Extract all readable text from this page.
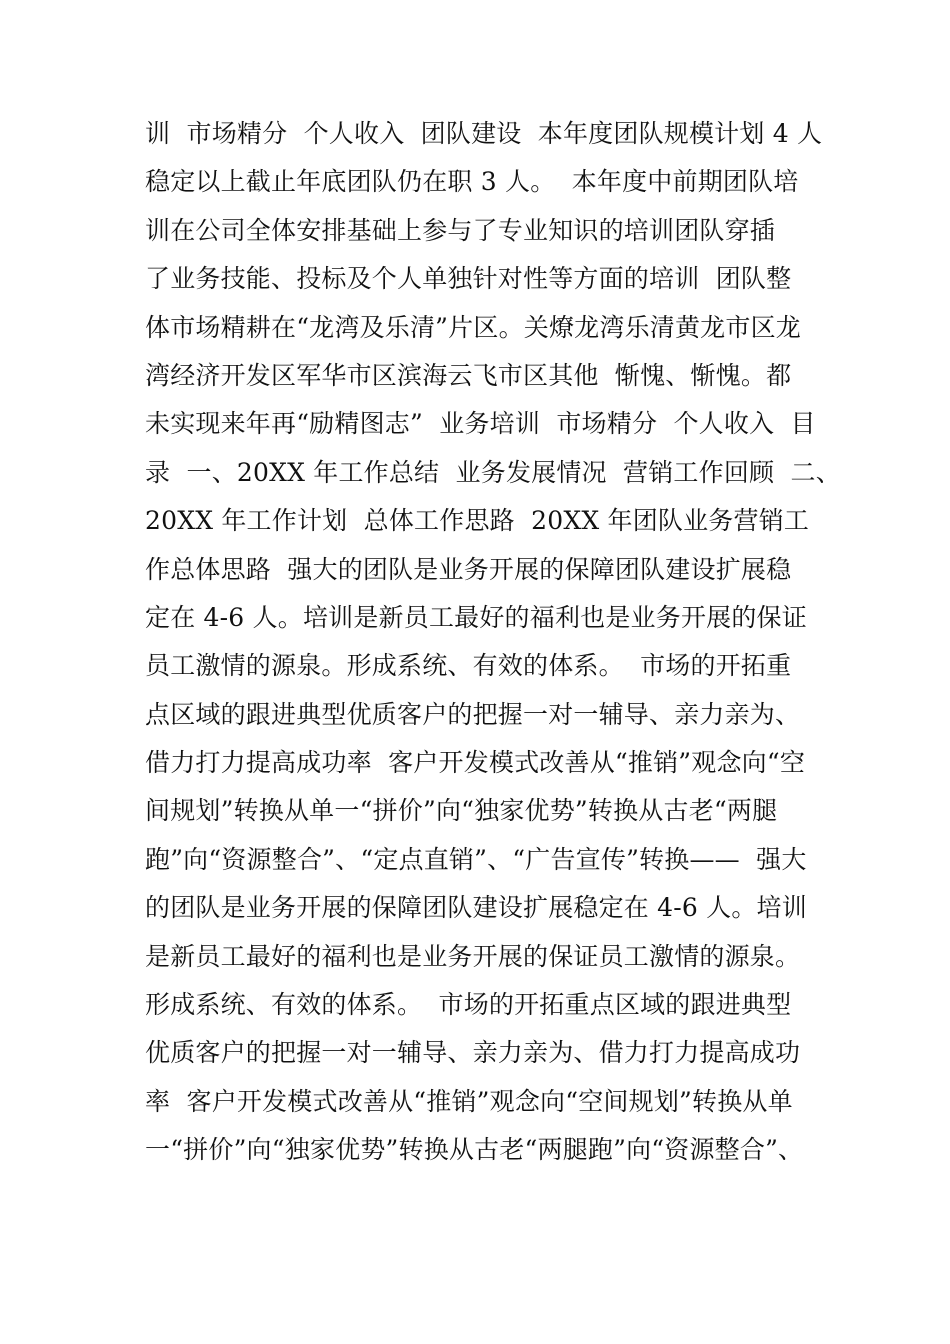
训  市场精分  个人收入  团队建设  本年度团队规模计划 4 人
稳定以上截止年底团队仍在职 3 人。  本年度中前期团队培
训在公司全体安排基础上参与了专业知识的培训团队穿插
了业务技能、投标及个人单独针对性等方面的培训  团队整
体市场精耕在“龙湾及乐清”片区。关燎龙湾乐清黄龙市区龙
湾经济开发区军华市区滨海云飞市区其他  惭愧、惭愧。都
未实现来年再“励精图志”  业务培训  市场精分  个人收入  目
录  一、20XX 年工作总结  业务发展情况  营销工作回顾  二、
20XX 年工作计划  总体工作思路  20XX 年团队业务营销工
作总体思路  强大的团队是业务开展的保障团队建设扩展稳
定在 4-6 人。培训是新员工最好的福利也是业务开展的保证
员工激情的源泉。形成系统、有效的体系。  市场的开拓重
点区域的跟进典型优质客户的把握一对一辅导、亲力亲为、
借力打力提高成功率  客户开发模式改善从“推销”观念向“空
间规划”转换从单一“拼价”向“独家优势”转换从古老“两腿
跑”向“资源整合”、“定点直销”、“广告宣传”转换——  强大
的团队是业务开展的保障团队建设扩展稳定在 4-6 人。培训
是新员工最好的福利也是业务开展的保证员工激情的源泉。
形成系统、有效的体系。  市场的开拓重点区域的跟进典型
优质客户的把握一对一辅导、亲力亲为、借力打力提高成功
率  客户开发模式改善从“推销”观念向“空间规划”转换从单
一“拼价”向“独家优势”转换从古老“两腿跑”向“资源整合”、
